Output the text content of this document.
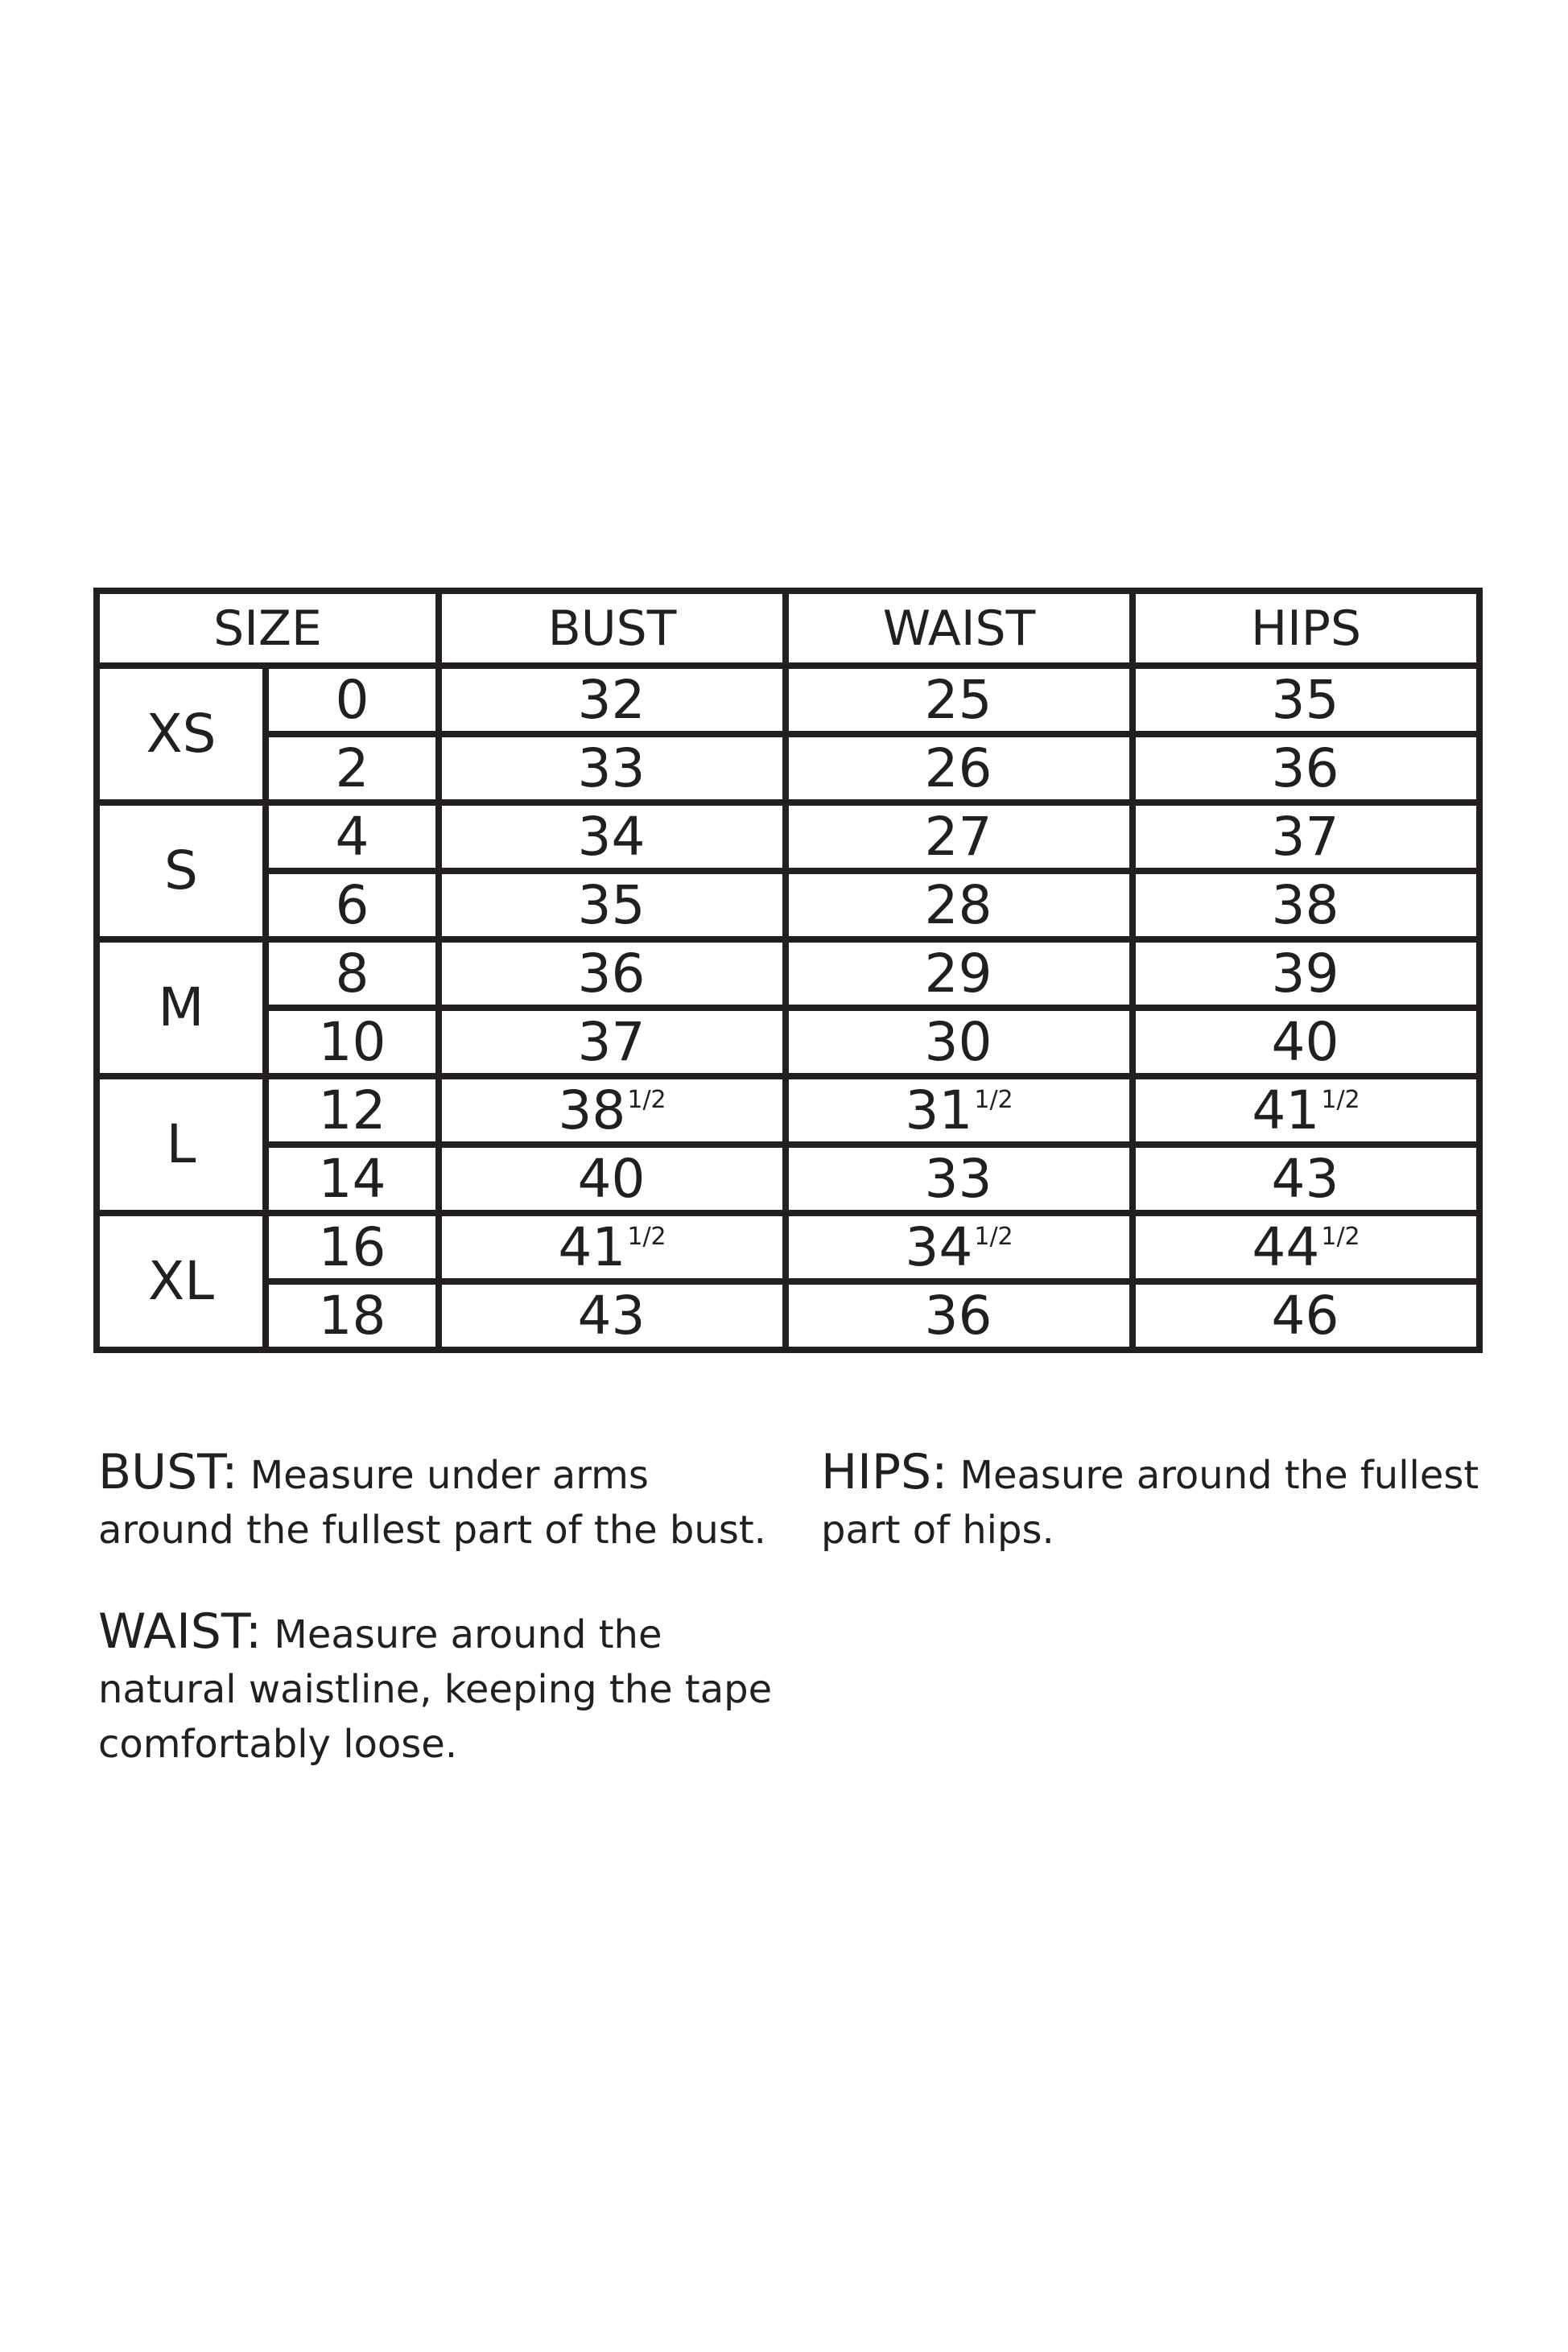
SIZE		BUST	WAIST	HIPS
XS	0	32	25	35
	2	33	26	36
S	4	34	27	37
	6	35	28	38
M	8	36	29	39
	10	37	30	40
L	12	$38^{1/2}$	$31^{1/2}$	$41^{1/2}$
	14	40	33	43
XL	16	$41^{1/2}$	$34^{1/2}$	$44^{1/2}$
	18	43	36	46

BUST: Measure under arms around the fullest part of the bust.

HIPS: Measure around the fullest part of hips.

WAIST: Measure around the natural waistline, keeping the tape comfortably loose.
